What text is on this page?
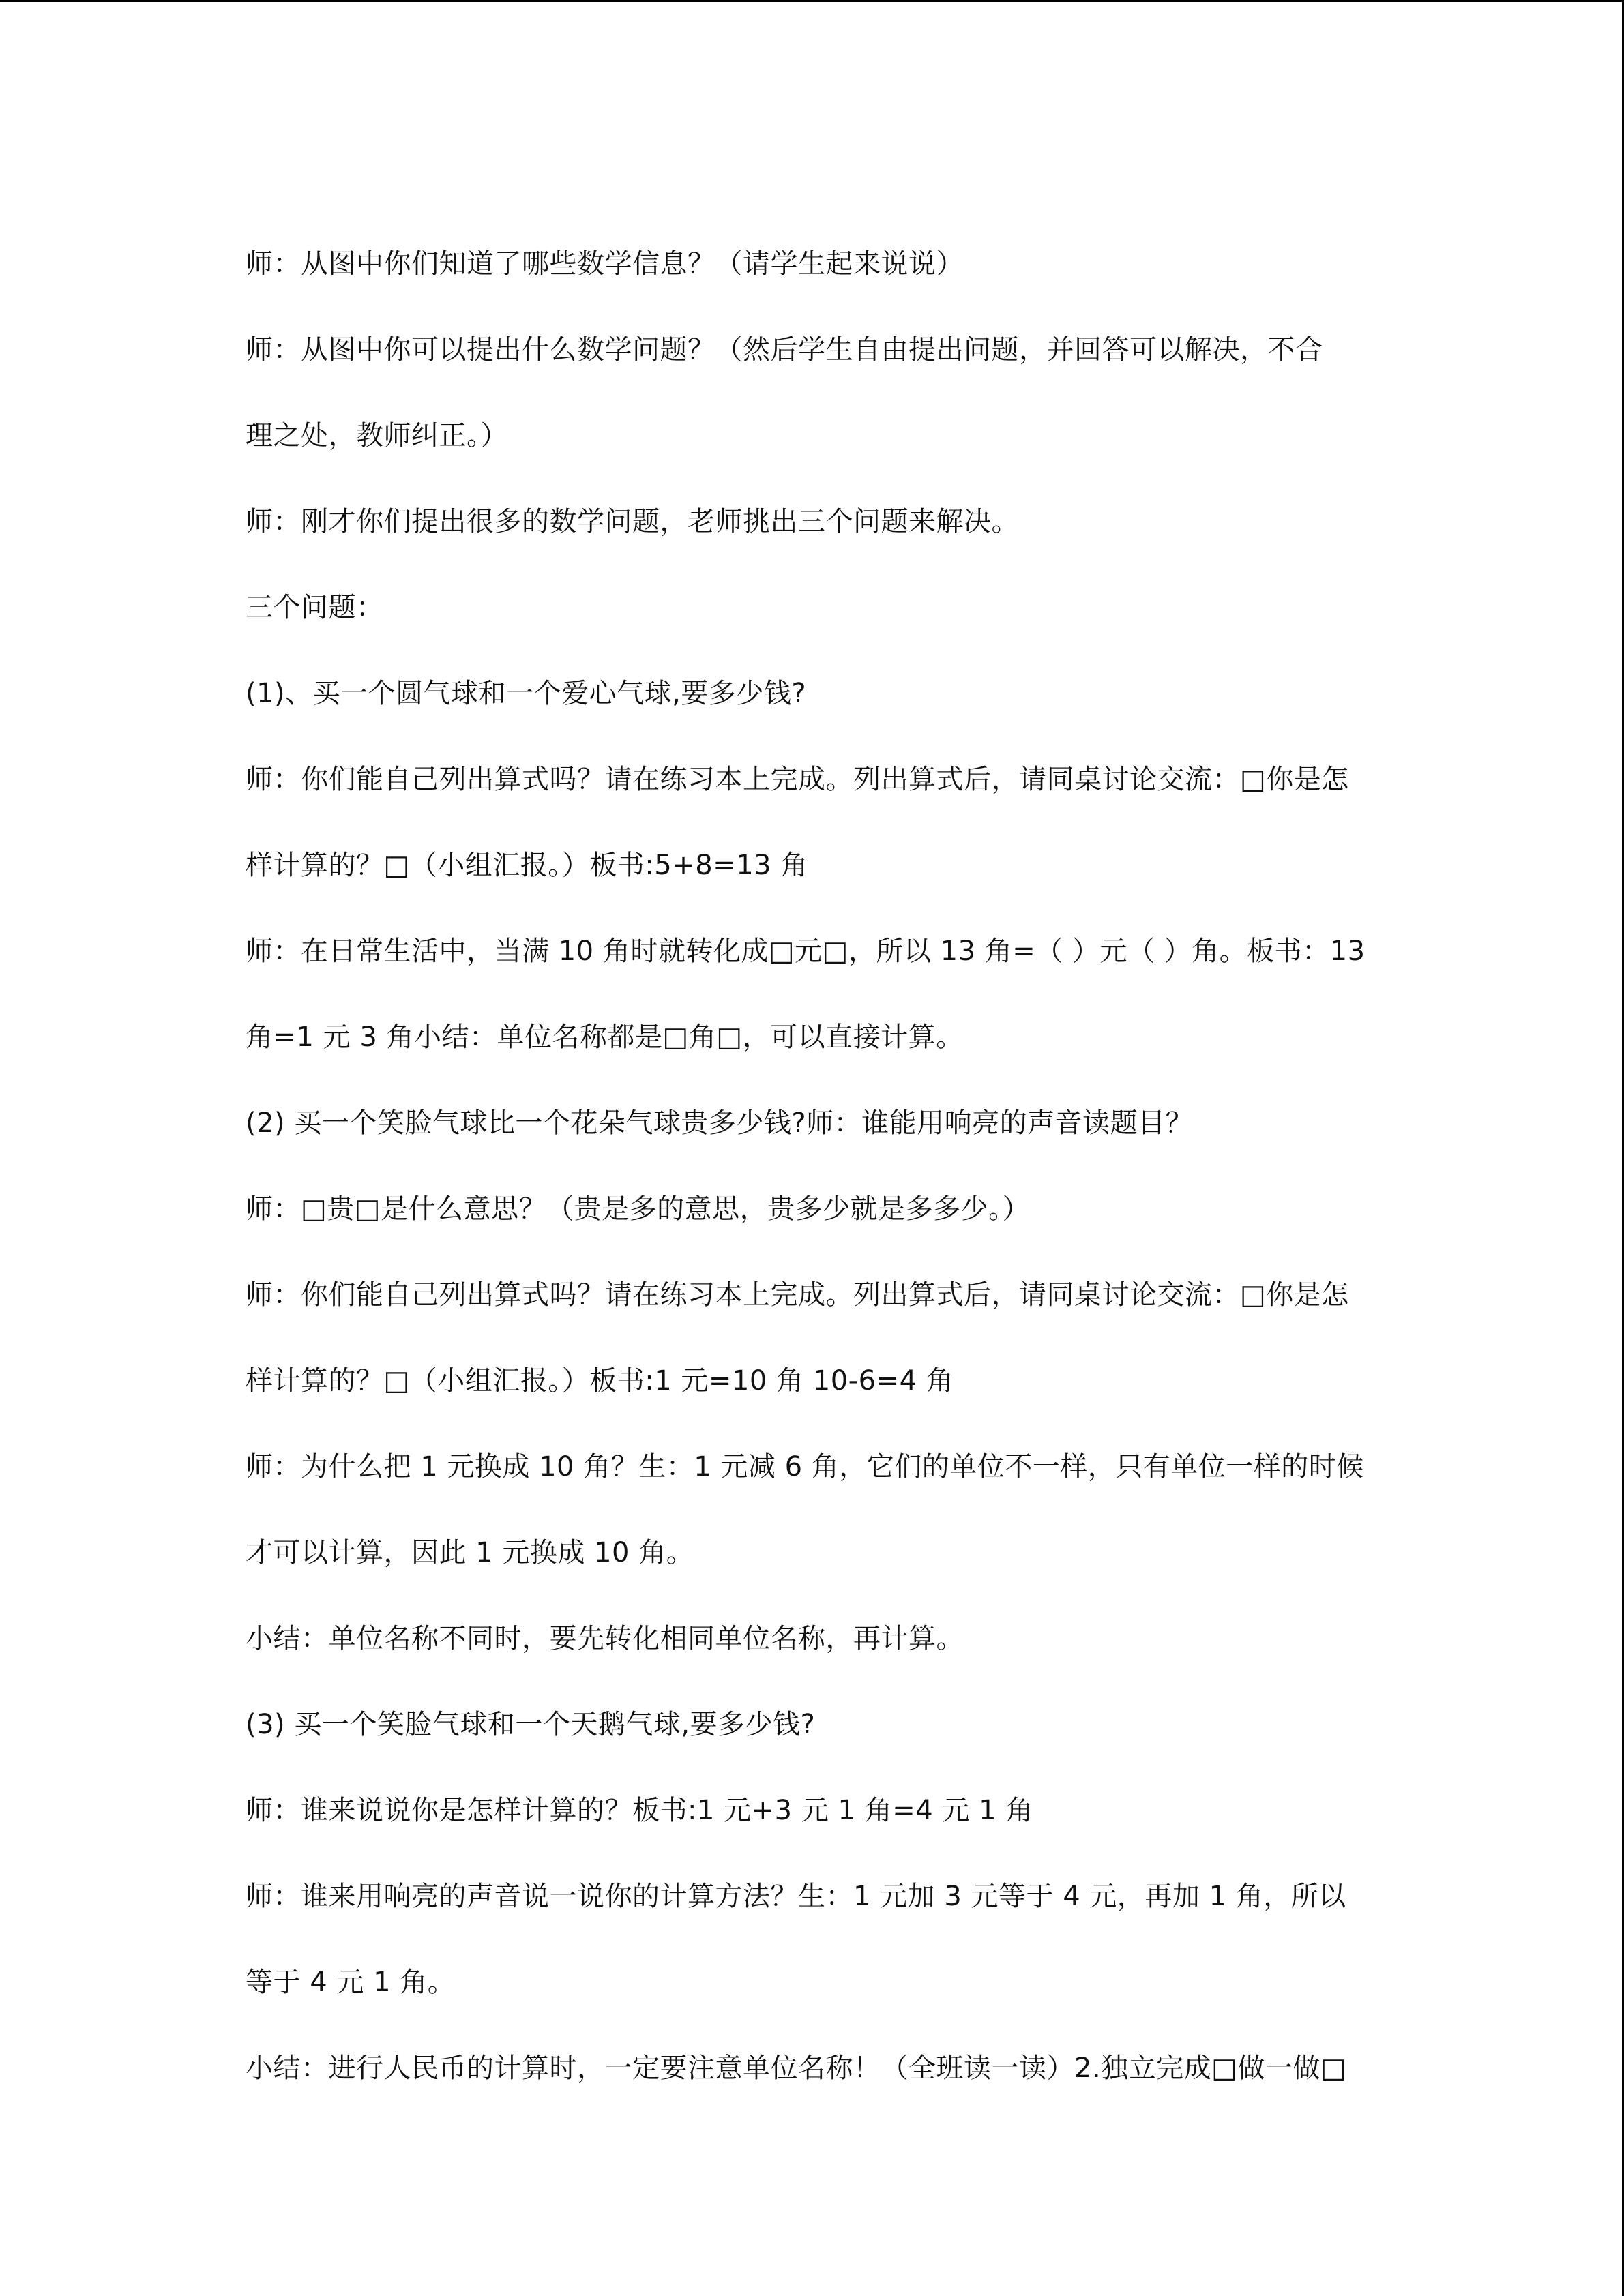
师：从图中你们知道了哪些数学信息？（请学生起来说说）
师：从图中你可以提出什么数学问题？（然后学生自由提出问题，并回答可以解决，不合
理之处，教师纠正。）
师：刚才你们提出很多的数学问题，老师挑出三个问题来解决。
三个问题：
(1)、买一个圆气球和一个爱心气球,要多少钱?
师：你们能自己列出算式吗？请在练习本上完成。列出算式后，请同桌讨论交流：□你是怎
样计算的？□（小组汇报。）板书:5+8=13 角
师：在日常生活中，当满 10 角时就转化成□元□，所以 13 角=（ ）元（ ）角。板书：13
角=1 元 3 角小结：单位名称都是□角□，可以直接计算。
(2) 买一个笑脸气球比一个花朵气球贵多少钱?师：谁能用响亮的声音读题目？
师：□贵□是什么意思？（贵是多的意思，贵多少就是多多少。）
师：你们能自己列出算式吗？请在练习本上完成。列出算式后，请同桌讨论交流：□你是怎
样计算的？□（小组汇报。）板书:1 元=10 角 10-6=4 角
师：为什么把 1 元换成 10 角？生：1 元减 6 角，它们的单位不一样，只有单位一样的时候
才可以计算，因此 1 元换成 10 角。
小结：单位名称不同时，要先转化相同单位名称，再计算。
(3) 买一个笑脸气球和一个天鹅气球,要多少钱?
师：谁来说说你是怎样计算的？板书:1 元+3 元 1 角=4 元 1 角
师：谁来用响亮的声音说一说你的计算方法？生：1 元加 3 元等于 4 元，再加 1 角，所以
等于 4 元 1 角。
小结：进行人民币的计算时，一定要注意单位名称！（全班读一读）2.独立完成□做一做□
